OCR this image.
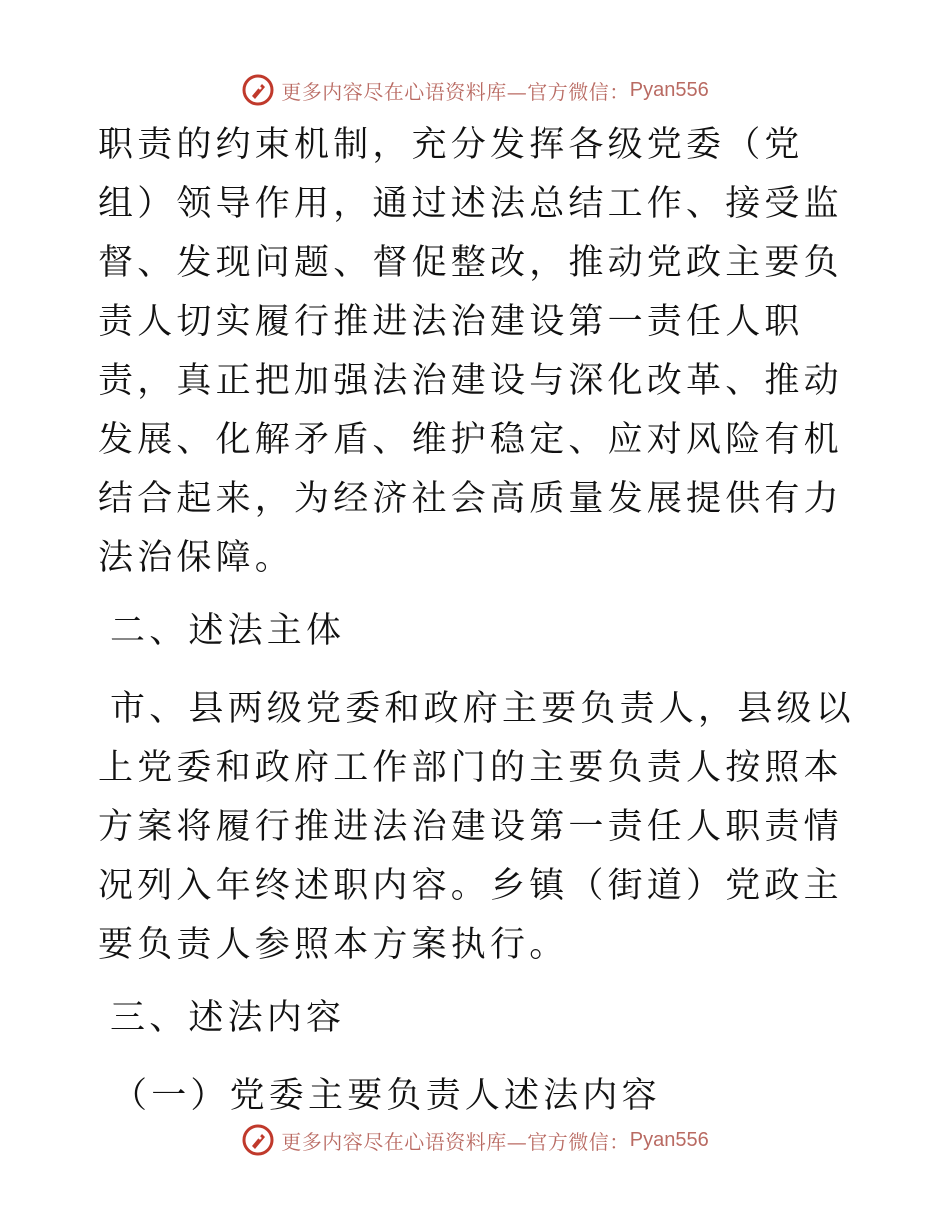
更多内容尽在心语资料库—官方微信： Pyan556

职责的约束机制，充分发挥各级党委（党组）领导作用，通过述法总结工作、接受监督、发现问题、督促整改，推动党政主要负责人切实履行推进法治建设第一责任人职责，真正把加强法治建设与深化改革、推动发展、化解矛盾、维护稳定、应对风险有机结合起来，为经济社会高质量发展提供有力法治保障。

二、述法主体

市、县两级党委和政府主要负责人，县级以上党委和政府工作部门的主要负责人按照本方案将履行推进法治建设第一责任人职责情况列入年终述职内容。乡镇（街道）党政主要负责人参照本方案执行。

三、述法内容

（一）党委主要负责人述法内容

更多内容尽在心语资料库—官方微信： Pyan556
